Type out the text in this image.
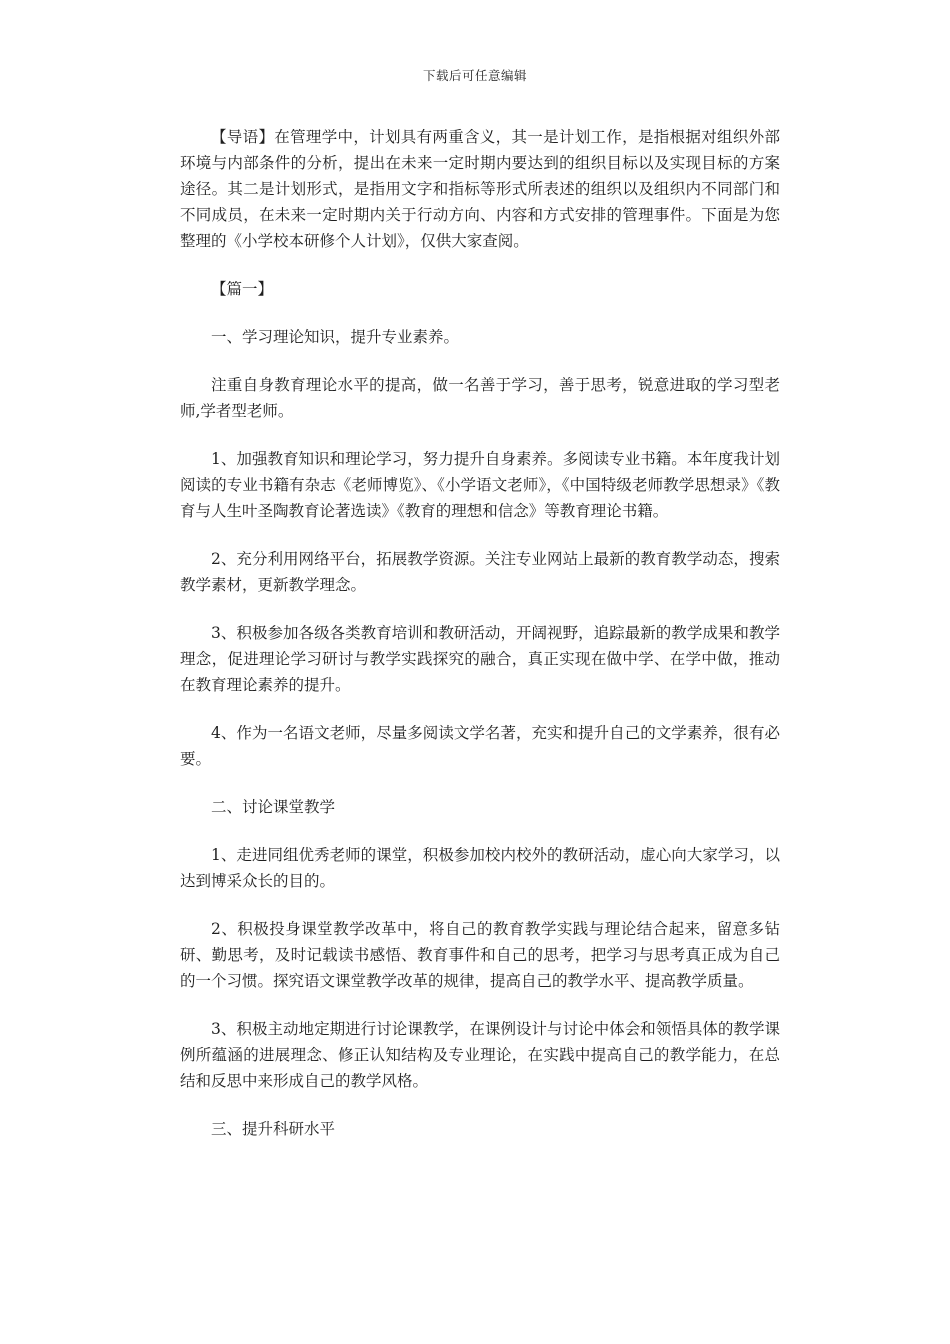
下载后可任意编辑

【导语】在管理学中，计划具有两重含义，其一是计划工作，是指根据对组织外部环境与内部条件的分析，提出在未来一定时期内要达到的组织目标以及实现目标的方案途径。其二是计划形式，是指用文字和指标等形式所表述的组织以及组织内不同部门和不同成员，在未来一定时期内关于行动方向、内容和方式安排的管理事件。下面是为您整理的《小学校本研修个人计划》，仅供大家查阅。

【篇一】

一、学习理论知识，提升专业素养。

注重自身教育理论水平的提高，做一名善于学习，善于思考，锐意进取的学习型老师,学者型老师。

1、加强教育知识和理论学习，努力提升自身素养。多阅读专业书籍。本年度我计划阅读的专业书籍有杂志《老师博览》、《小学语文老师》，《中国特级老师教学思想录》《教育与人生叶圣陶教育论著选读》《教育的理想和信念》等教育理论书籍。

2、充分利用网络平台，拓展教学资源。关注专业网站上最新的教育教学动态，搜索教学素材，更新教学理念。

3、积极参加各级各类教育培训和教研活动，开阔视野，追踪最新的教学成果和教学理念，促进理论学习研讨与教学实践探究的融合，真正实现在做中学、在学中做，推动在教育理论素养的提升。

4、作为一名语文老师，尽量多阅读文学名著，充实和提升自己的文学素养，很有必要。

二、讨论课堂教学

1、走进同组优秀老师的课堂，积极参加校内校外的教研活动，虚心向大家学习，以达到博采众长的目的。

2、积极投身课堂教学改革中，将自己的教育教学实践与理论结合起来，留意多钻研、勤思考，及时记载读书感悟、教育事件和自己的思考，把学习与思考真正成为自己的一个习惯。探究语文课堂教学改革的规律，提高自己的教学水平、提高教学质量。

3、积极主动地定期进行讨论课教学，在课例设计与讨论中体会和领悟具体的教学课例所蕴涵的进展理念、修正认知结构及专业理论，在实践中提高自己的教学能力，在总结和反思中来形成自己的教学风格。

三、提升科研水平
